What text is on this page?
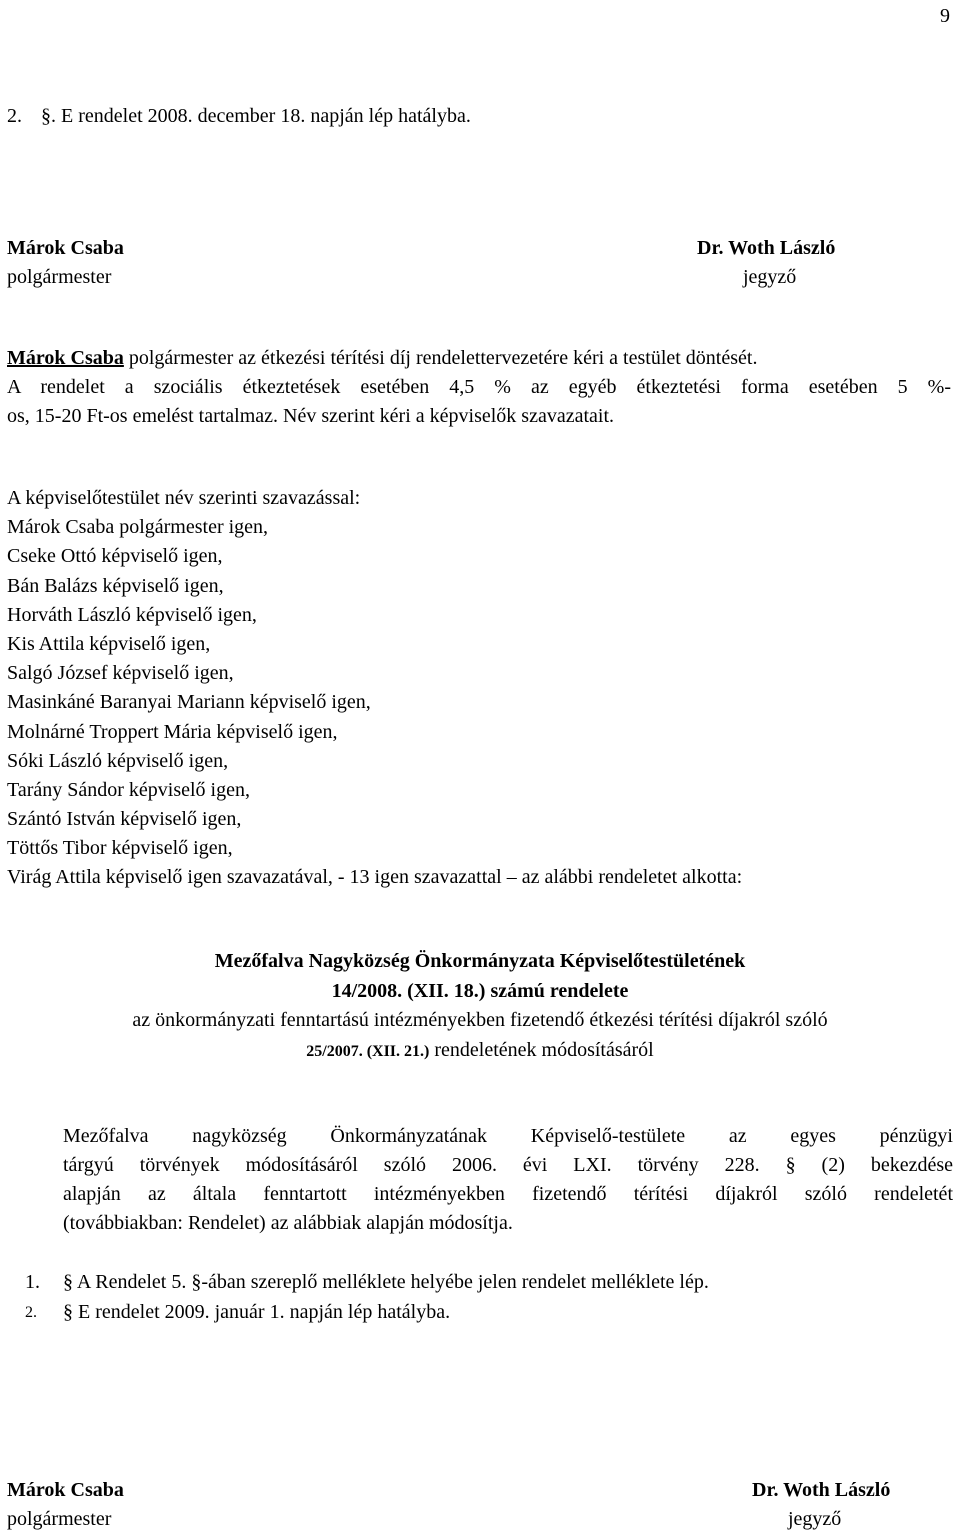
9
2. §. E rendelet 2008. december 18. napján lép hatályba.
Márok Csaba
polgármester
Dr. Woth László
jegyző
Márok Csaba polgármester az étkezési térítési díj rendelettervezetére kéri a testület döntését.
A rendelet a szociális étkeztetések esetében 4,5 % az egyéb étkeztetési forma esetében 5 %-
os, 15-20 Ft-os emelést tartalmaz. Név szerint kéri a képviselők szavazatait.
A képviselőtestület név szerinti szavazással:
Márok Csaba polgármester igen,
Cseke Ottó képviselő igen,
Bán Balázs képviselő igen,
Horváth László képviselő igen,
Kis Attila képviselő igen,
Salgó József képviselő igen,
Masinkáné Baranyai Mariann képviselő igen,
Molnárné Troppert Mária képviselő igen,
Sóki László képviselő igen,
Tarány Sándor képviselő igen,
Szántó István képviselő igen,
Töttős Tibor képviselő igen,
Virág Attila képviselő igen szavazatával, - 13 igen szavazattal – az alábbi rendeletet alkotta:
Mezőfalva Nagyközség Önkormányzata Képviselőtestületének
14/2008. (XII. 18.) számú rendelete
az önkormányzati fenntartású intézményekben fizetendő étkezési térítési díjakról szóló
25/2007. (XII. 21.) rendeletének módosításáról
Mezőfalva nagyközség Önkormányzatának Képviselő-testülete az egyes pénzügyi
tárgyú törvények módosításáról szóló 2006. évi LXI. törvény 228. § (2) bekezdése
alapján az általa fenntartott intézményekben fizetendő térítési díjakról szóló rendeletét
(továbbiakban: Rendelet) az alábbiak alapján módosítja.
1. § A Rendelet 5. §-ában szereplő melléklete helyébe jelen rendelet melléklete lép.
2. § E rendelet 2009. január 1. napján lép hatályba.
Márok Csaba
polgármester
Dr. Woth László
jegyző
